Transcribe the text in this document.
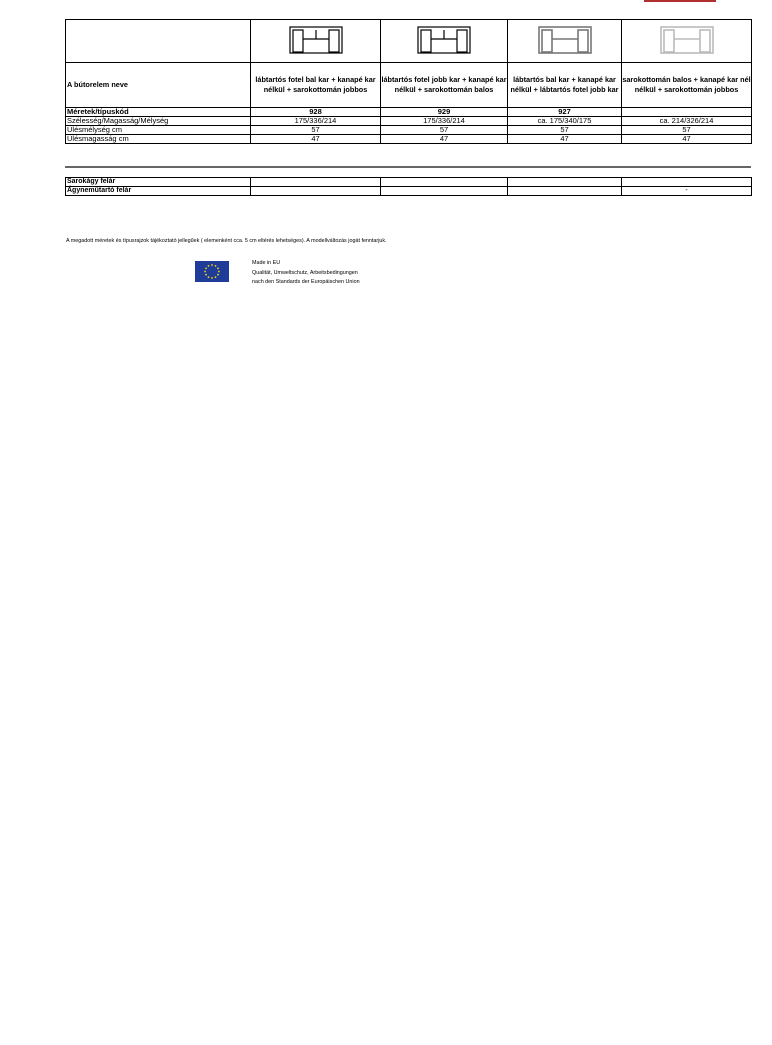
A bútorelem neve	lábtartós fotel bal kar + kanapé kar nélkül + sarokottomán jobbos	lábtartós fotel jobb kar + kanapé kar nélkül + sarokottomán balos	lábtartós bal kar + kanapé kar nélkül + lábtartós fotel jobb kar	sarokottomán balos + kanapé kar nél nélkül + sarokottomán jobbos
Méretek/típuskód	928	929	927	
Szélesség/Magasság/Mélység	175/336/214	175/336/214	ca. 175/340/175	ca. 214/326/214
Ülésmélység cm	57	57	57	57
Ülésmagasság cm	47	47	47	47
Sarokágy felár				
Ágyneműtartó felár				-
A megadott méretek és típusrajzok tájékoztató jellegűek ( elemenként cca. 5 cm eltérés lehetséges). A modellváltozás jogát fenntarjuk.
Made in EU
Qualität, Umweltschutz, Arbeitsbedingungen
nach den Standards der Europäischen Union
